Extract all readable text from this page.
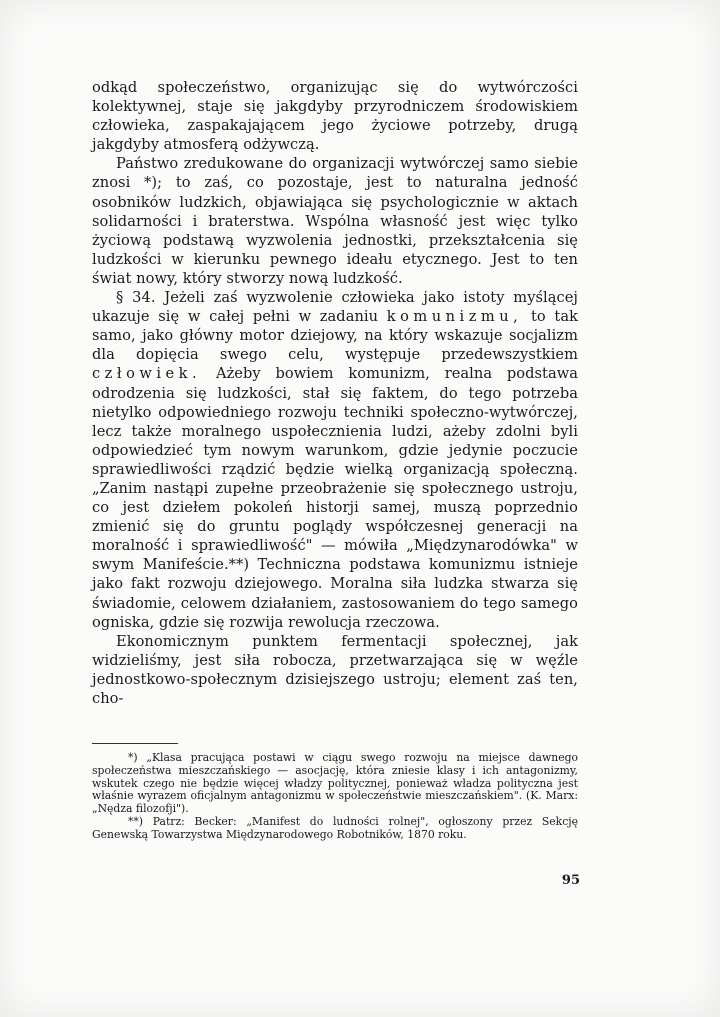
odkąd społeczeństwo, organizując się do wytwórczości kolektywnej, staje się jakgdyby przyrodniczem środowiskiem człowieka, zaspakajającem jego życiowe potrzeby, drugą jakgdyby atmosferą odżywczą.

Państwo zredukowane do organizacji wytwórczej samo siebie znosi *); to zaś, co pozostaje, jest to naturalna jedność osobników ludzkich, objawiająca się psychologicznie w aktach solidarności i braterstwa. Wspólna własność jest więc tylko życiową podstawą wyzwolenia jednostki, przekształcenia się ludzkości w kierunku pewnego ideału etycznego. Jest to ten świat nowy, który stworzy nową ludzkość.

§ 34. Jeżeli zaś wyzwolenie człowieka jako istoty myślącej ukazuje się w całej pełni w zadaniu komunizmu, to tak samo, jako główny motor dziejowy, na który wskazuje socjalizm dla dopięcia swego celu, występuje przedewszystkiem człowiek. Ażeby bowiem komunizm, realna podstawa odrodzenia się ludzkości, stał się faktem, do tego potrzeba nietylko odpowiedniego rozwoju techniki społeczno-wytwórczej, lecz także moralnego uspołecznienia ludzi, ażeby zdolni byli odpowiedzieć tym nowym warunkom, gdzie jedynie poczucie sprawiedliwości rządzić będzie wielką organizacją społeczną. „Zanim nastąpi zupełne przeobrażenie się społecznego ustroju, co jest dziełem pokoleń historji samej, muszą poprzednio zmienić się do gruntu poglądy współczesnej generacji na moralność i sprawiedliwość" — mówiła „Międzynarodówka" w swym Manifeście.**) Techniczna podstawa komunizmu istnieje jako fakt rozwoju dziejowego. Moralna siła ludzka stwarza się świadomie, celowem działaniem, zastosowaniem do tego samego ogniska, gdzie się rozwija rewolucja rzeczowa.

Ekonomicznym punktem fermentacji społecznej, jak widzieliśmy, jest siła robocza, przetwarzająca się w węźle jednostkowo-społecznym dzisiejszego ustroju; element zaś ten, cho-

*) „Klasa pracująca postawi w ciągu swego rozwoju na miejsce dawnego społeczeństwa mieszczańskiego — asocjację, która zniesie klasy i ich antagonizmy, wskutek czego nie będzie więcej władzy politycznej, ponieważ władza polityczna jest właśnie wyrazem oficjalnym antagonizmu w społeczeństwie mieszczańskiem". (K. Marx: „Nędza filozofji").

**) Patrz: Becker: „Manifest do ludności rolnej", ogłoszony przez Sekcję Genewską Towarzystwa Międzynarodowego Robotników, 1870 roku.

95
